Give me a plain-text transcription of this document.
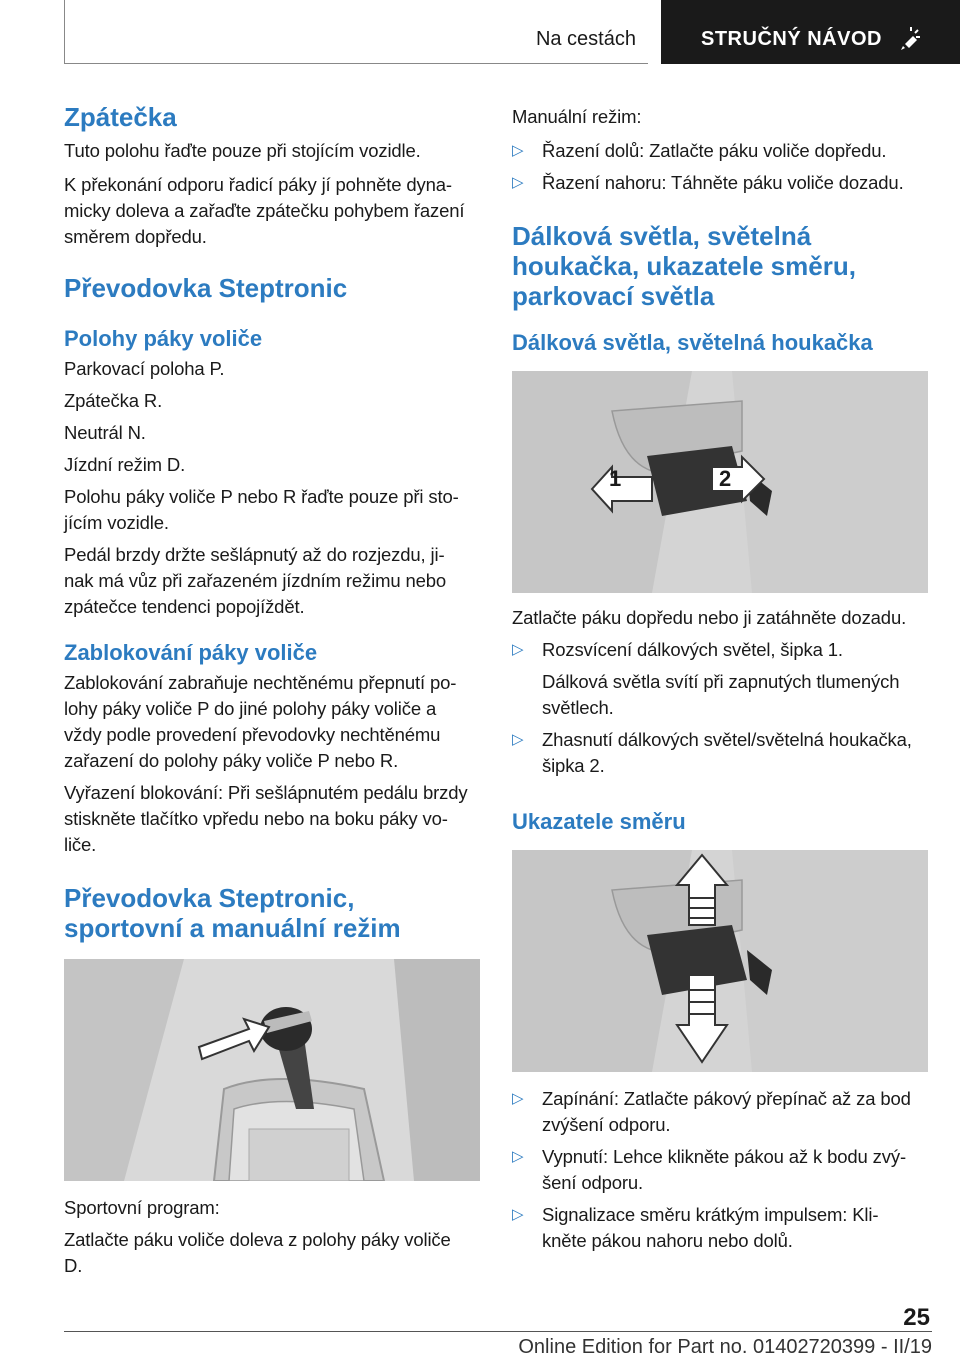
Na cestách	STRUČNÝ NÁVOD
Zpátečka

Tuto polohu řaďte pouze při stojícím vozidle.

K překonání odporu řadicí páky jí pohněte dyna‐

micky doleva a zařaďte zpátečku pohybem řazení

směrem dopředu.

Převodovka Steptronic
Polohy páky voliče

Parkovací poloha P.

Zpátečka R.

Neutrál N.

Jízdní režim D.

Polohu páky voliče P nebo R řaďte pouze při sto‐

jícím vozidle.

Pedál brzdy držte sešlápnutý až do rozjezdu, ji‐

nak má vůz při zařazeném jízdním režimu nebo

zpátečce tendenci popojíždět.

Zablokování páky voliče

Zablokování zabraňuje nechtěnému přepnutí po‐

lohy páky voliče P do jiné polohy páky voliče a

vždy podle provedení převodovky nechtěnému

zařazení do polohy páky voliče P nebo R.

Vyřazení blokování: Při sešlápnutém pedálu brzdy

stiskněte tlačítko vpředu nebo na boku páky vo‐

liče.

Převodovka Steptronic,
sportovní a manuální režim

Sportovní program:

Zatlačte páku voliče doleva z polohy páky voliče

D.

Manuální režim:

▷ Řazení dolů: Zatlačte páku voliče dopředu.
▷ Řazení nahoru: Táhněte páku voliče dozadu.
Dálková světla, světelná
houkačka, ukazatele směru,
parkovací světla
Dálková světla, světelná houkačka
1	2

Zatlačte páku dopředu nebo ji zatáhněte dozadu.

▷ Rozsvícení dálkových světel, šipka 1.

Dálková světla svítí při zapnutých tlumených

světlech.

▷ Zhasnutí dálkových světel/světelná houkačka,

šipka 2.

Ukazatele směru
▷ Zapínání: Zatlačte pákový přepínač až za bod

zvýšení odporu.

▷ Vypnutí: Lehce klikněte pákou až k bodu zvý‐

šení odporu.

▷ Signalizace směru krátkým impulsem: Kli‐

kněte pákou nahoru nebo dolů.

25
Online Edition for Part no. 01402720399 - II/19
